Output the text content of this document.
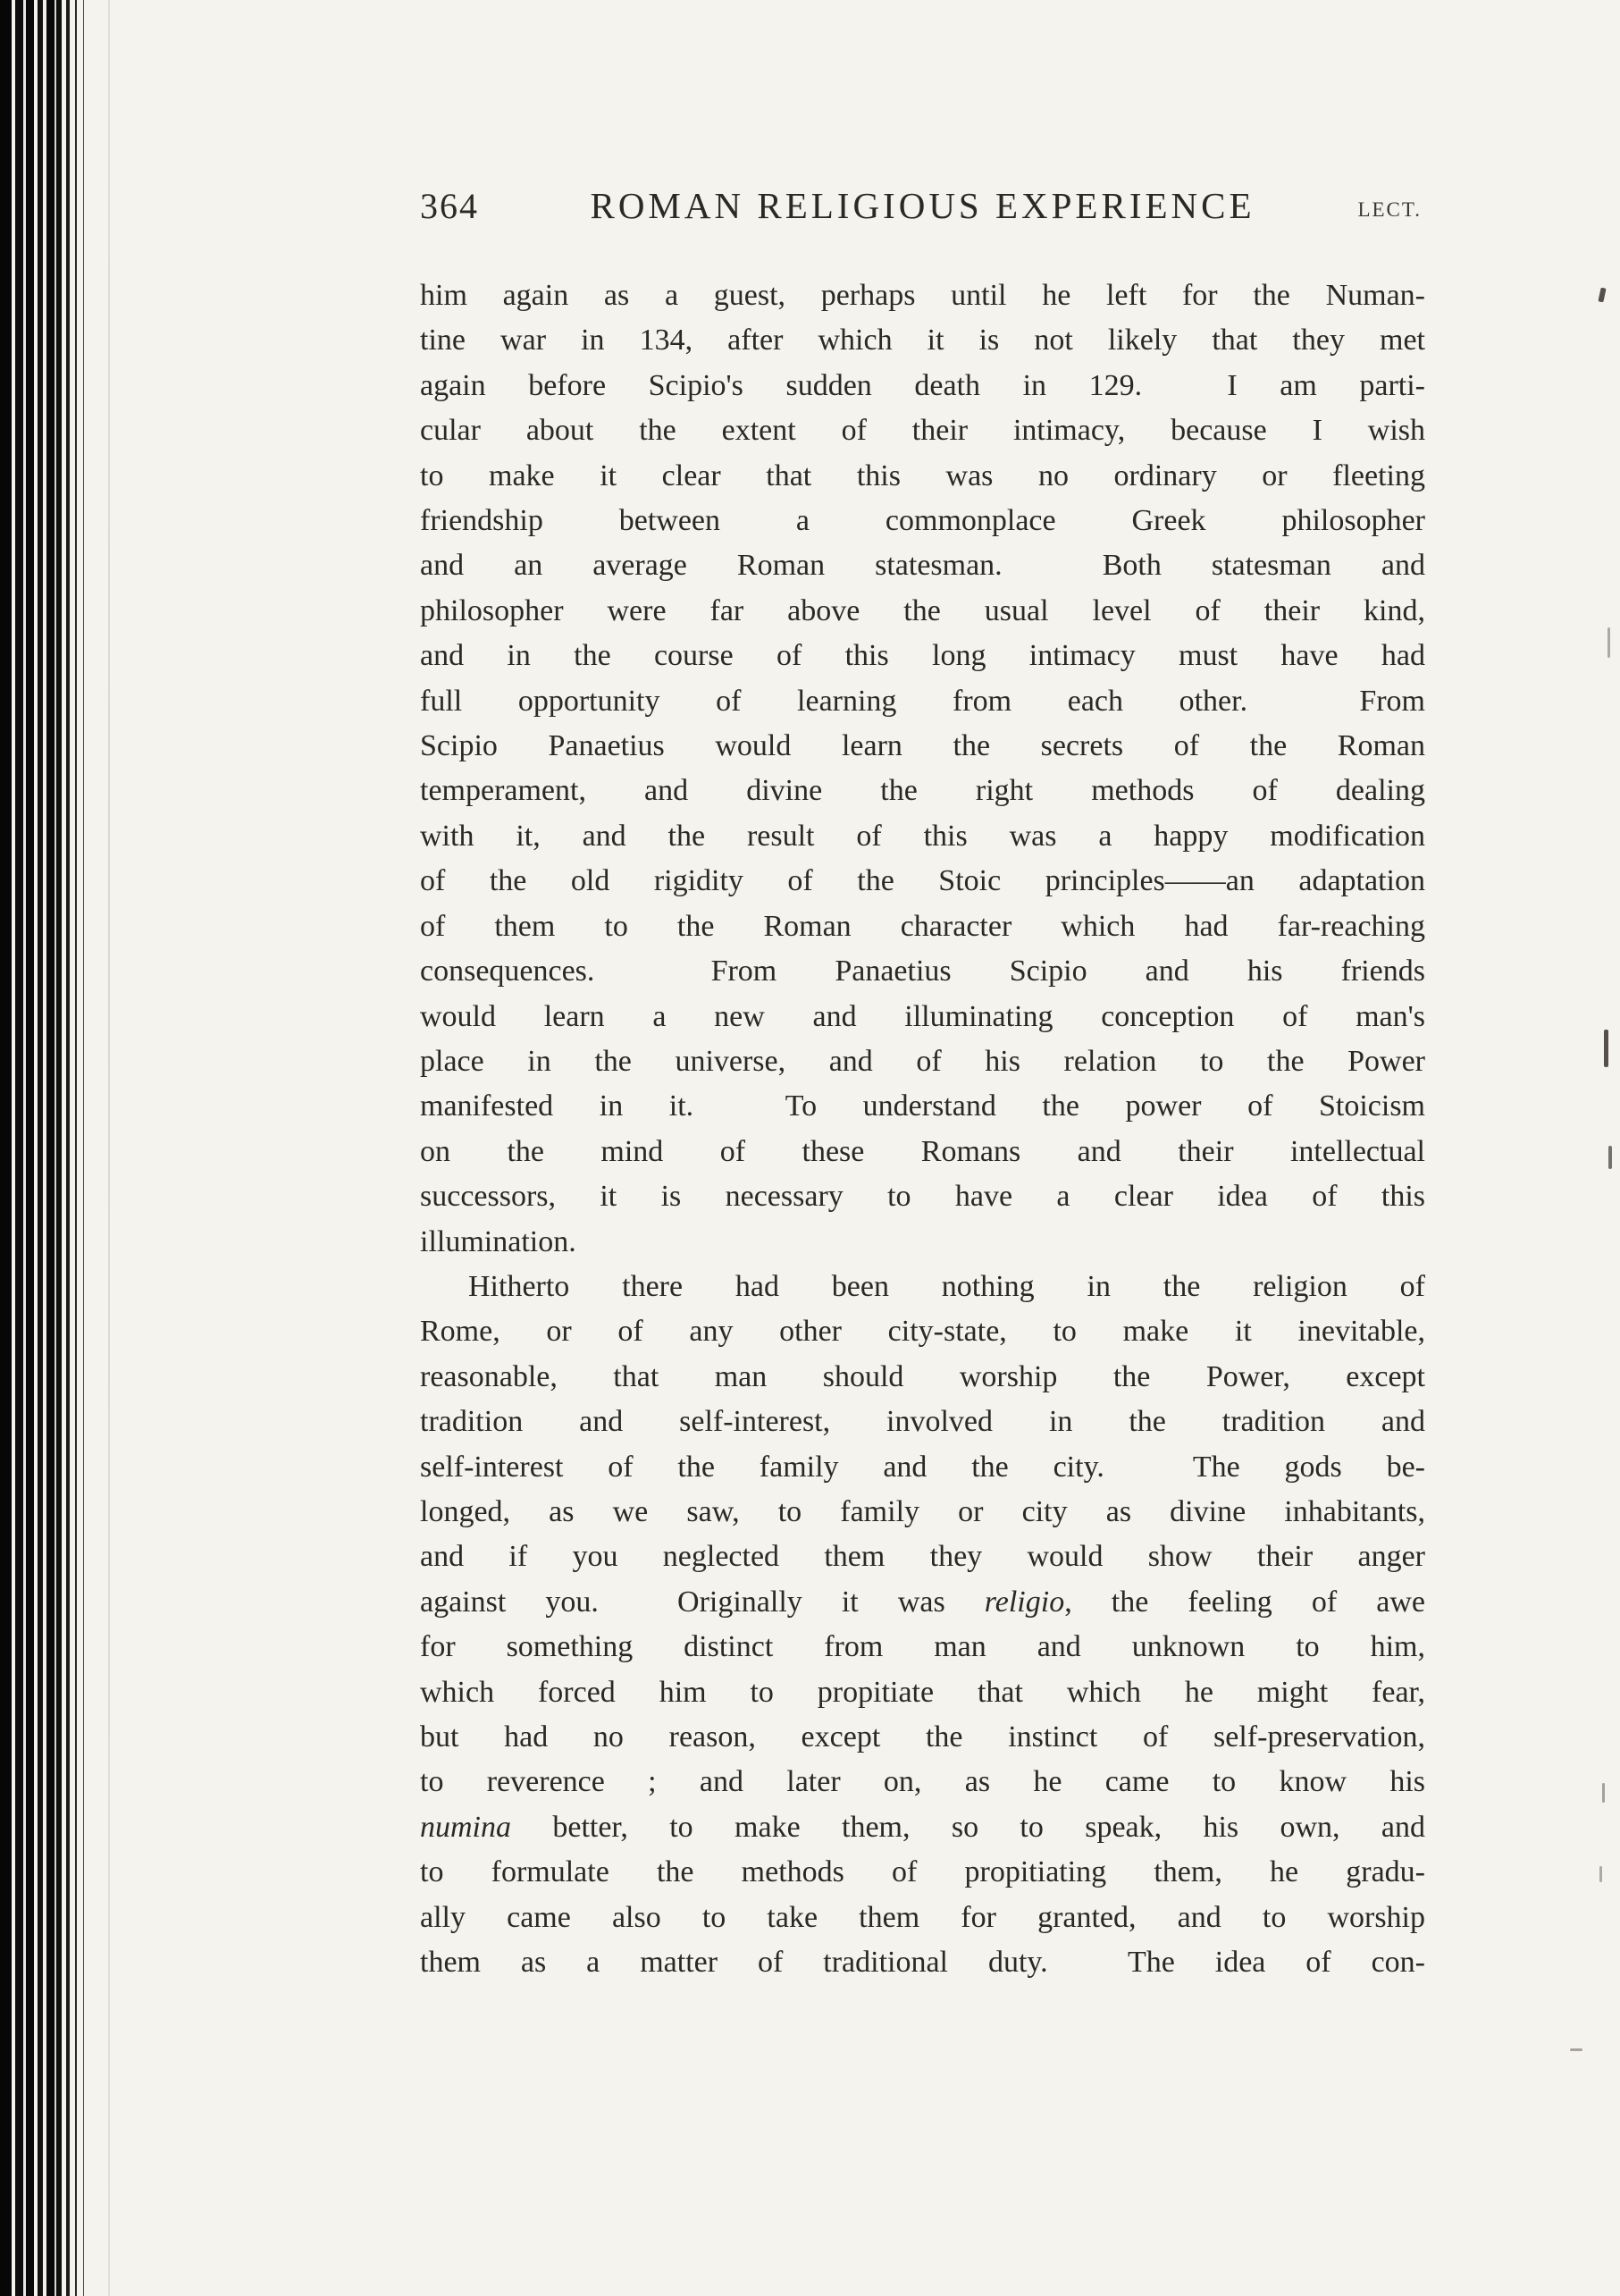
364	ROMAN RELIGIOUS EXPERIENCE	LECT.
him again as a guest, perhaps until he left for the Numan-
tine war in 134, after which it is not likely that they met
again before Scipio's sudden death in 129.  I am parti-
cular about the extent of their intimacy, because I wish
to make it clear that this was no ordinary or fleeting
friendship between a commonplace Greek philosopher
and an average Roman statesman.  Both statesman and
philosopher were far above the usual level of their kind,
and in the course of this long intimacy must have had
full opportunity of learning from each other.  From
Scipio Panaetius would learn the secrets of the Roman
temperament, and divine the right methods of dealing
with it, and the result of this was a happy modification
of the old rigidity of the Stoic principles——an adaptation
of them to the Roman character which had far-reaching
consequences.  From Panaetius Scipio and his friends
would learn a new and illuminating conception of man's
place in the universe, and of his relation to the Power
manifested in it.  To understand the power of Stoicism
on the mind of these Romans and their intellectual
successors, it is necessary to have a clear idea of this
illumination.
Hitherto there had been nothing in the religion of
Rome, or of any other city-state, to make it inevitable,
reasonable, that man should worship the Power, except
tradition and self-interest, involved in the tradition and
self-interest of the family and the city.  The gods be-
longed, as we saw, to family or city as divine inhabitants,
and if you neglected them they would show their anger
against you.  Originally it was religio, the feeling of awe
for something distinct from man and unknown to him,
which forced him to propitiate that which he might fear,
but had no reason, except the instinct of self-preservation,
to reverence ; and later on, as he came to know his
numina better, to make them, so to speak, his own, and
to formulate the methods of propitiating them, he gradu-
ally came also to take them for granted, and to worship
them as a matter of traditional duty.  The idea of con-
